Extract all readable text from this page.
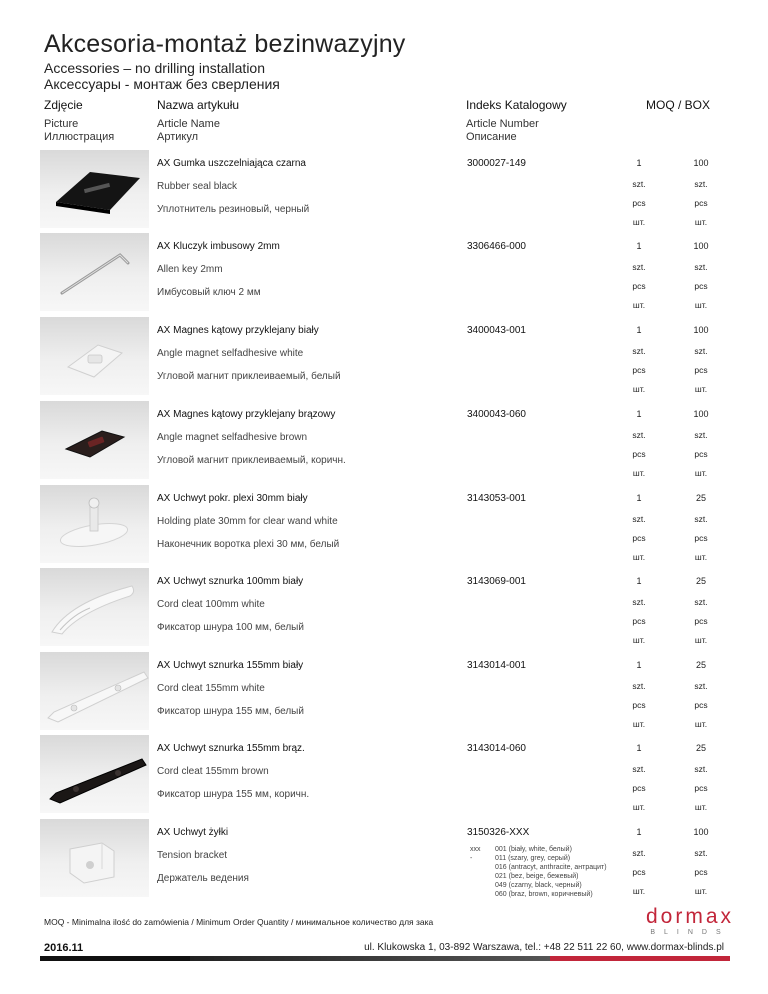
Akcesoria-montaż bezinwazyjny
Accessories – no drilling installation
Аксессуары - монтаж без сверления
Zdjęcie
Picture
Иллюстрация
Nazwa artykułu
Article Name
Артикул
Indeks Katalogowy
Article Number
Описание
MOQ / BOX
AX Gumka uszczelniająca czarna
Rubber seal black
Уплотнитель резиновый, черный
3000027-149	1	100
szt.	szt.
pcs	pcs
шт.	шт.
AX Kluczyk imbusowy 2mm
Allen key 2mm
Имбусовый ключ 2 мм
3306466-000	1	100
szt.	szt.
pcs	pcs
шт.	шт.
AX Magnes kątowy przyklejany biały
Angle magnet selfadhesive white
Угловой магнит приклеиваемый, белый
3400043-001	1	100
szt.	szt.
pcs	pcs
шт.	шт.
AX Magnes kątowy przyklejany brązowy
Angle magnet selfadhesive brown
Угловой магнит приклеиваемый, коричн.
3400043-060	1	100
szt.	szt.
pcs	pcs
шт.	шт.
AX Uchwyt pokr. plexi 30mm biały
Holding plate 30mm for clear wand white
Наконечник воротка plexi 30 мм, белый
3143053-001	1	25
szt.	szt.
pcs	pcs
шт.	шт.
AX Uchwyt sznurka 100mm biały
Cord cleat 100mm white
Фиксатор шнура 100 мм, белый
3143069-001	1	25
szt.	szt.
pcs	pcs
шт.	шт.
AX Uchwyt sznurka 155mm biały
Cord cleat 155mm white
Фиксатор шнура 155 мм, белый
3143014-001	1	25
szt.	szt.
pcs	pcs
шт.	шт.
AX Uchwyt sznurka 155mm brąz.
Cord cleat 155mm brown
Фиксатор шнура 155 мм, коричн.
3143014-060	1	25
szt.	szt.
pcs	pcs
шт.	шт.
AX Uchwyt żyłki
Tension bracket
Держатель ведения
3150326-XXX
xxx -
001 (biały, white, белый)
011 (szary, grey, серый)
016 (antracyt, anthracite, антрацит)
021 (bez, beige, бежевый)
049 (czarny, black, черный)
060 (braz, brown, коричневый)
1	100
szt.	szt.
pcs	pcs
шт.	шт.
MOQ - Minimalna ilość do zamówienia / Minimum Order Quantity / минимальное количество для зака	dormax
BLINDS
2016.11	ul. Klukowska 1, 03-892 Warszawa, tel.: +48 22 511 22 60, www.dormax-blinds.pl
